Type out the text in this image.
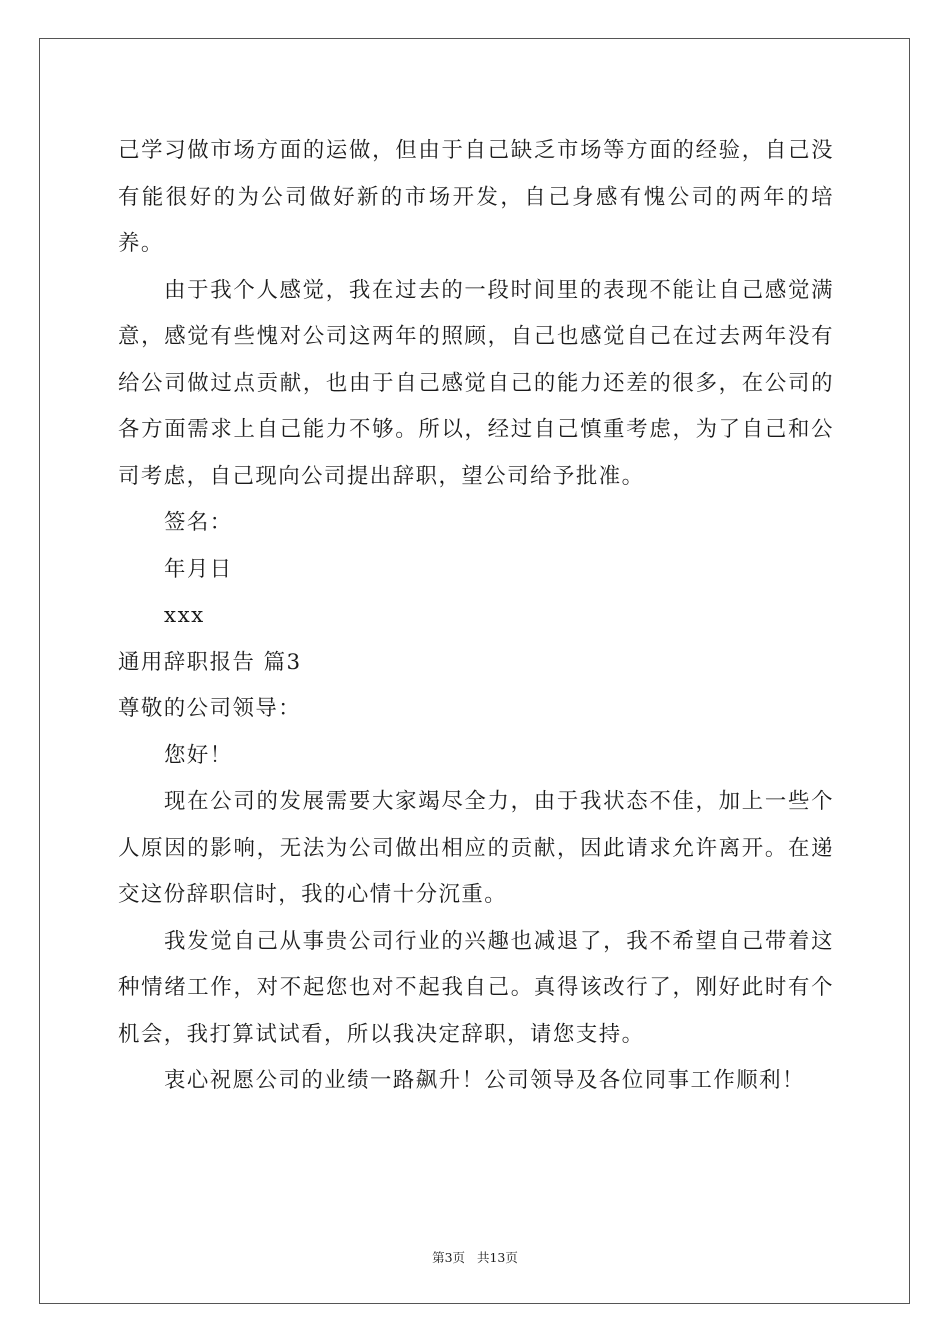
己学习做市场方面的运做，但由于自己缺乏市场等方面的经验，自己没有能很好的为公司做好新的市场开发，自己身感有愧公司的两年的培养。

由于我个人感觉，我在过去的一段时间里的表现不能让自己感觉满意，感觉有些愧对公司这两年的照顾，自己也感觉自己在过去两年没有给公司做过点贡献，也由于自己感觉自己的能力还差的很多，在公司的各方面需求上自己能力不够。所以，经过自己慎重考虑，为了自己和公司考虑，自己现向公司提出辞职，望公司给予批准。

签名：

年月日

xxx

通用辞职报告 篇3

尊敬的公司领导：

您好！

现在公司的发展需要大家竭尽全力，由于我状态不佳，加上一些个人原因的影响，无法为公司做出相应的贡献，因此请求允许离开。在递交这份辞职信时，我的心情十分沉重。

我发觉自己从事贵公司行业的兴趣也减退了，我不希望自己带着这种情绪工作，对不起您也对不起我自己。真得该改行了，刚好此时有个机会，我打算试试看，所以我决定辞职，请您支持。

衷心祝愿公司的业绩一路飙升！公司领导及各位同事工作顺利！

第3页 共13页
